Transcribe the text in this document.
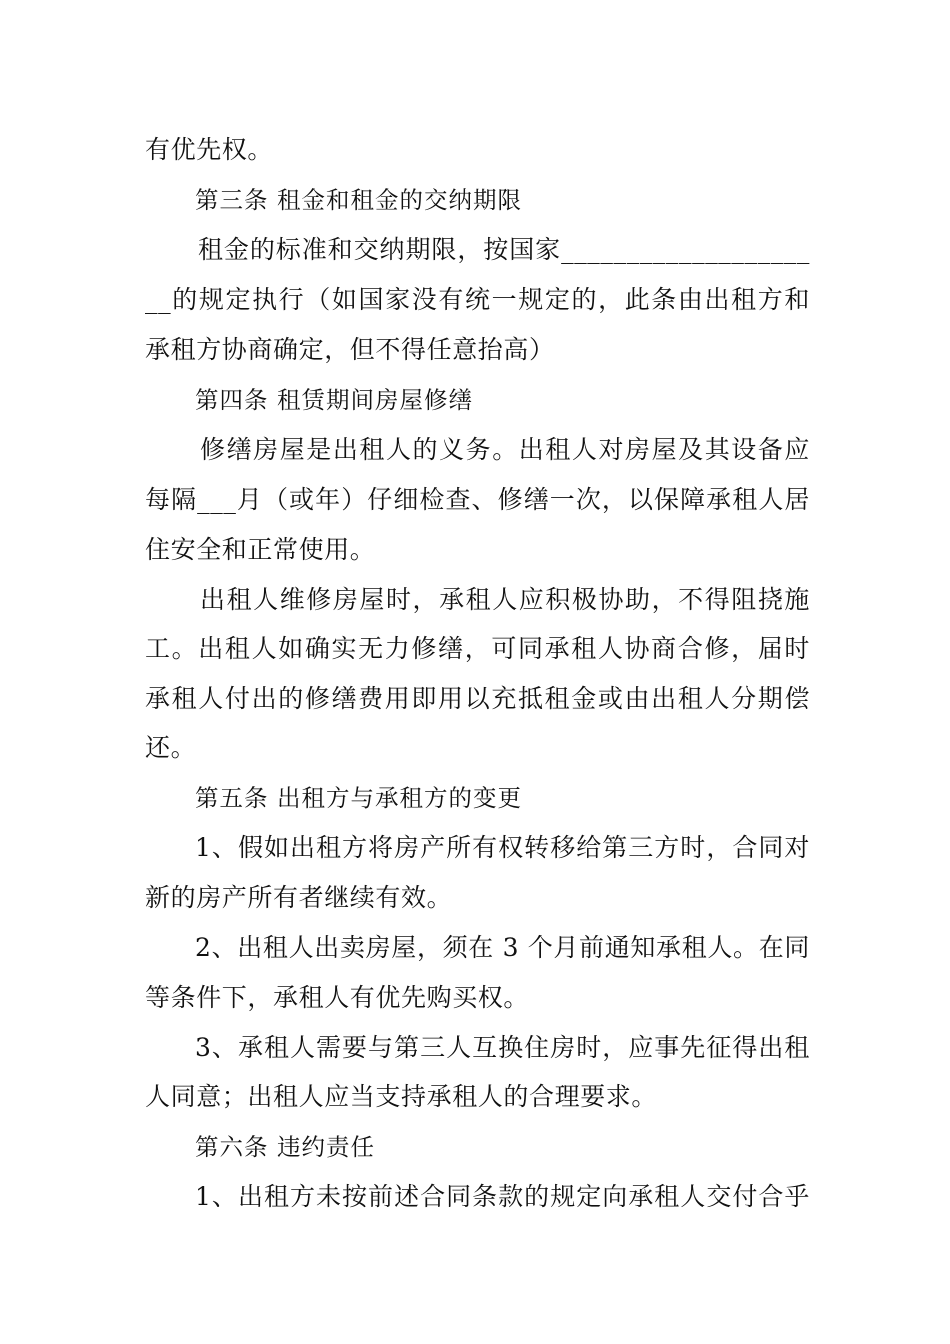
有优先权。
第三条 租金和租金的交纳期限
租金的标准和交纳期限，按国家___________________
__的规定执行（如国家没有统一规定的，此条由出租方和
承租方协商确定，但不得任意抬高）
第四条 租赁期间房屋修缮
修缮房屋是出租人的义务。出租人对房屋及其设备应
每隔___月（或年）仔细检查、修缮一次，以保障承租人居
住安全和正常使用。
出租人维修房屋时，承租人应积极协助，不得阻挠施
工。出租人如确实无力修缮，可同承租人协商合修，届时
承租人付出的修缮费用即用以充抵租金或由出租人分期偿
还。
第五条 出租方与承租方的变更
1、假如出租方将房产所有权转移给第三方时，合同对
新的房产所有者继续有效。
2、出租人出卖房屋，须在 3 个月前通知承租人。在同
等条件下，承租人有优先购买权。
3、承租人需要与第三人互换住房时，应事先征得出租
人同意；出租人应当支持承租人的合理要求。
第六条 违约责任
1、出租方未按前述合同条款的规定向承租人交付合乎
